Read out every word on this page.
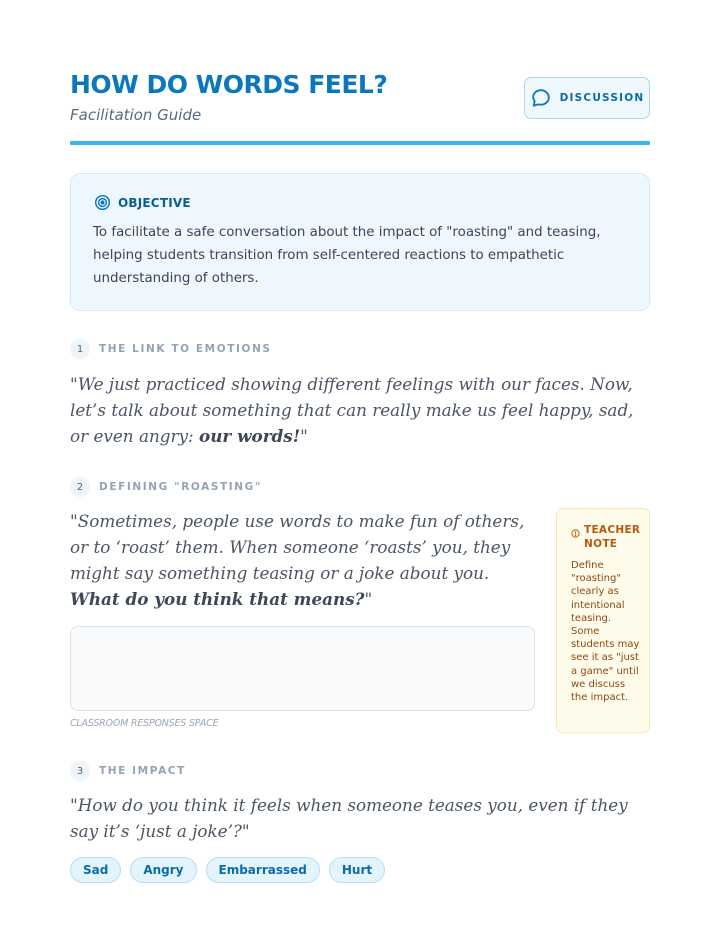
HOW DO WORDS FEEL?
Facilitation Guide
DISCUSSION
OBJECTIVE
To facilitate a safe conversation about the impact of "roasting" and teasing, helping students transition from self-centered reactions to empathetic understanding of others.
1	THE LINK TO EMOTIONS

"We just practiced showing different feelings with our faces. Now, let’s talk about something that can really make us feel happy, sad, or even angry: our words!"

2	DEFINING "ROASTING"

"Sometimes, people use words to make fun of others, or to ‘roast’ them. When someone ‘roasts’ you, they might say something teasing or a joke about you. What do you think that means?"

CLASSROOM RESPONSES SPACE
TEACHER NOTE
Define "roasting" clearly as intentional teasing. Some students may see it as "just a game" until we discuss the impact.
3	THE IMPACT

"How do you think it feels when someone teases you, even if they say it’s ‘just a joke’?"

Sad	Angry	Embarrassed	Hurt
